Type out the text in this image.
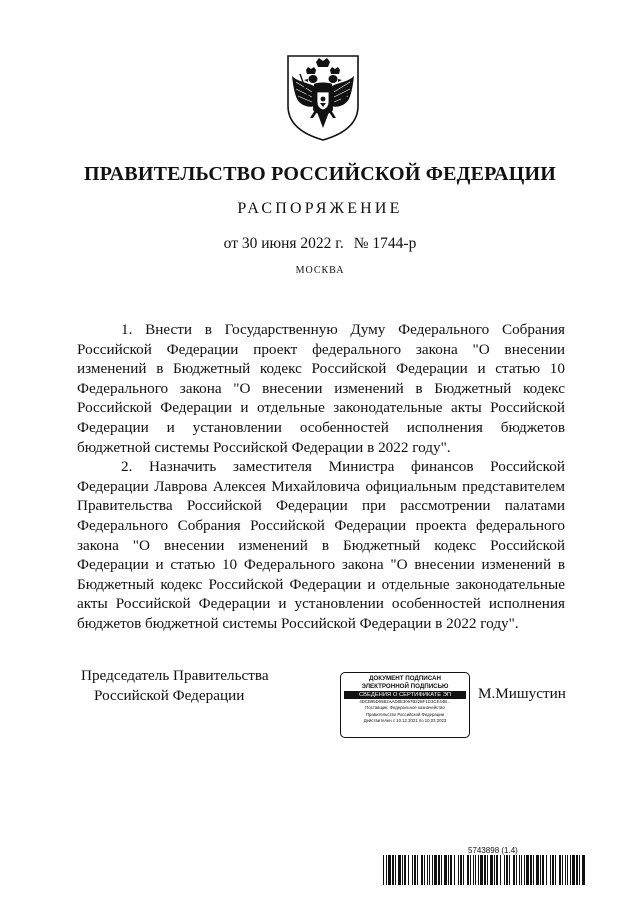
ПРАВИТЕЛЬСТВО РОССИЙСКОЙ ФЕДЕРАЦИИ
РАСПОРЯЖЕНИЕ
от 30 июня 2022 г. № 1744-р
МОСКВА

1. Внести в Государственную Думу Федерального Собрания Российской Федерации проект федерального закона "О внесении изменений в Бюджетный кодекс Российской Федерации и статью 10 Федерального закона "О внесении изменений в Бюджетный кодекс Российской Федерации и отдельные законодательные акты Российской Федерации и установлении особенностей исполнения бюджетов бюджетной системы Российской Федерации в 2022 году".

2. Назначить заместителя Министра финансов Российской Федерации Лаврова Алексея Михайловича официальным представителем Правительства Российской Федерации при рассмотрении палатами Федерального Собрания Российской Федерации проекта федерального закона "О внесении изменений в Бюджетный кодекс Российской Федерации и статью 10 Федерального закона "О внесении изменений в Бюджетный кодекс Российской Федерации и отдельные законодательные акты Российской Федерации и установлении особенностей исполнения бюджетов бюджетной системы Российской Федерации в 2022 году".

Председатель Правительства
Российской Федерации
ДОКУМЕНТ ПОДПИСАН
ЭЛЕКТРОННОЙ ПОДПИСЬЮ
СВЕДЕНИЯ О СЕРТИФИКАТЕ ЭП
4DCB95D05B2AAD8E3067B22BF1D3CE44B...
Поставщик: Федеральное казначейство
Правительство Российской Федерации
Действителен с 10.12.2021 по 10.03.2023
М.Мишустин
5743898 (1.4)
